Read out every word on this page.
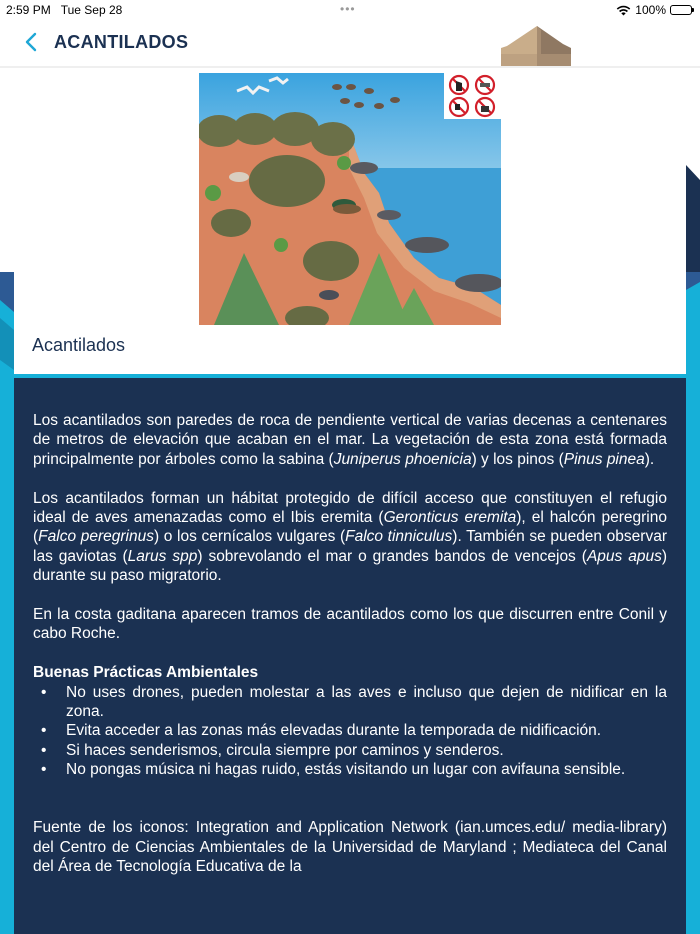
2:59 PM Tue Sep 28	•••	100%
ACANTILADOS
Acantilados

Los acantilados son paredes de roca de pendiente vertical de varias decenas a centenares de metros de elevación que acaban en el mar. La vegetación de esta zona está formada principalmente por árboles como la sabina (Juniperus phoenicia) y los pinos (Pinus pinea).

Los acantilados forman un hábitat protegido de difícil acceso que constituyen el refugio ideal de aves amenazadas como el Ibis eremita (Geronticus eremita), el halcón peregrino (Falco peregrinus) o los cernícalos vulgares (Falco tinniculus). También se pueden observar las gaviotas (Larus spp) sobrevolando el mar o grandes bandos de vencejos (Apus apus) durante su paso migratorio.

En la costa gaditana aparecen tramos de acantilados como los que discurren entre Conil y cabo Roche.

Buenas Prácticas Ambientales
• No uses drones, pueden molestar a las aves e incluso que dejen de nidificar en la zona.
• Evita acceder a las zonas más elevadas durante la temporada de nidificación.
• Si haces senderismos, circula siempre por caminos y senderos.
• No pongas música ni hagas ruido, estás visitando un lugar con avifauna sensible.

Fuente de los iconos: Integration and Application Network (ian.umces.edu/ media-library) del Centro de Ciencias Ambientales de la Universidad de Maryland ; Mediateca del Canal del Área de Tecnología Educativa de la
